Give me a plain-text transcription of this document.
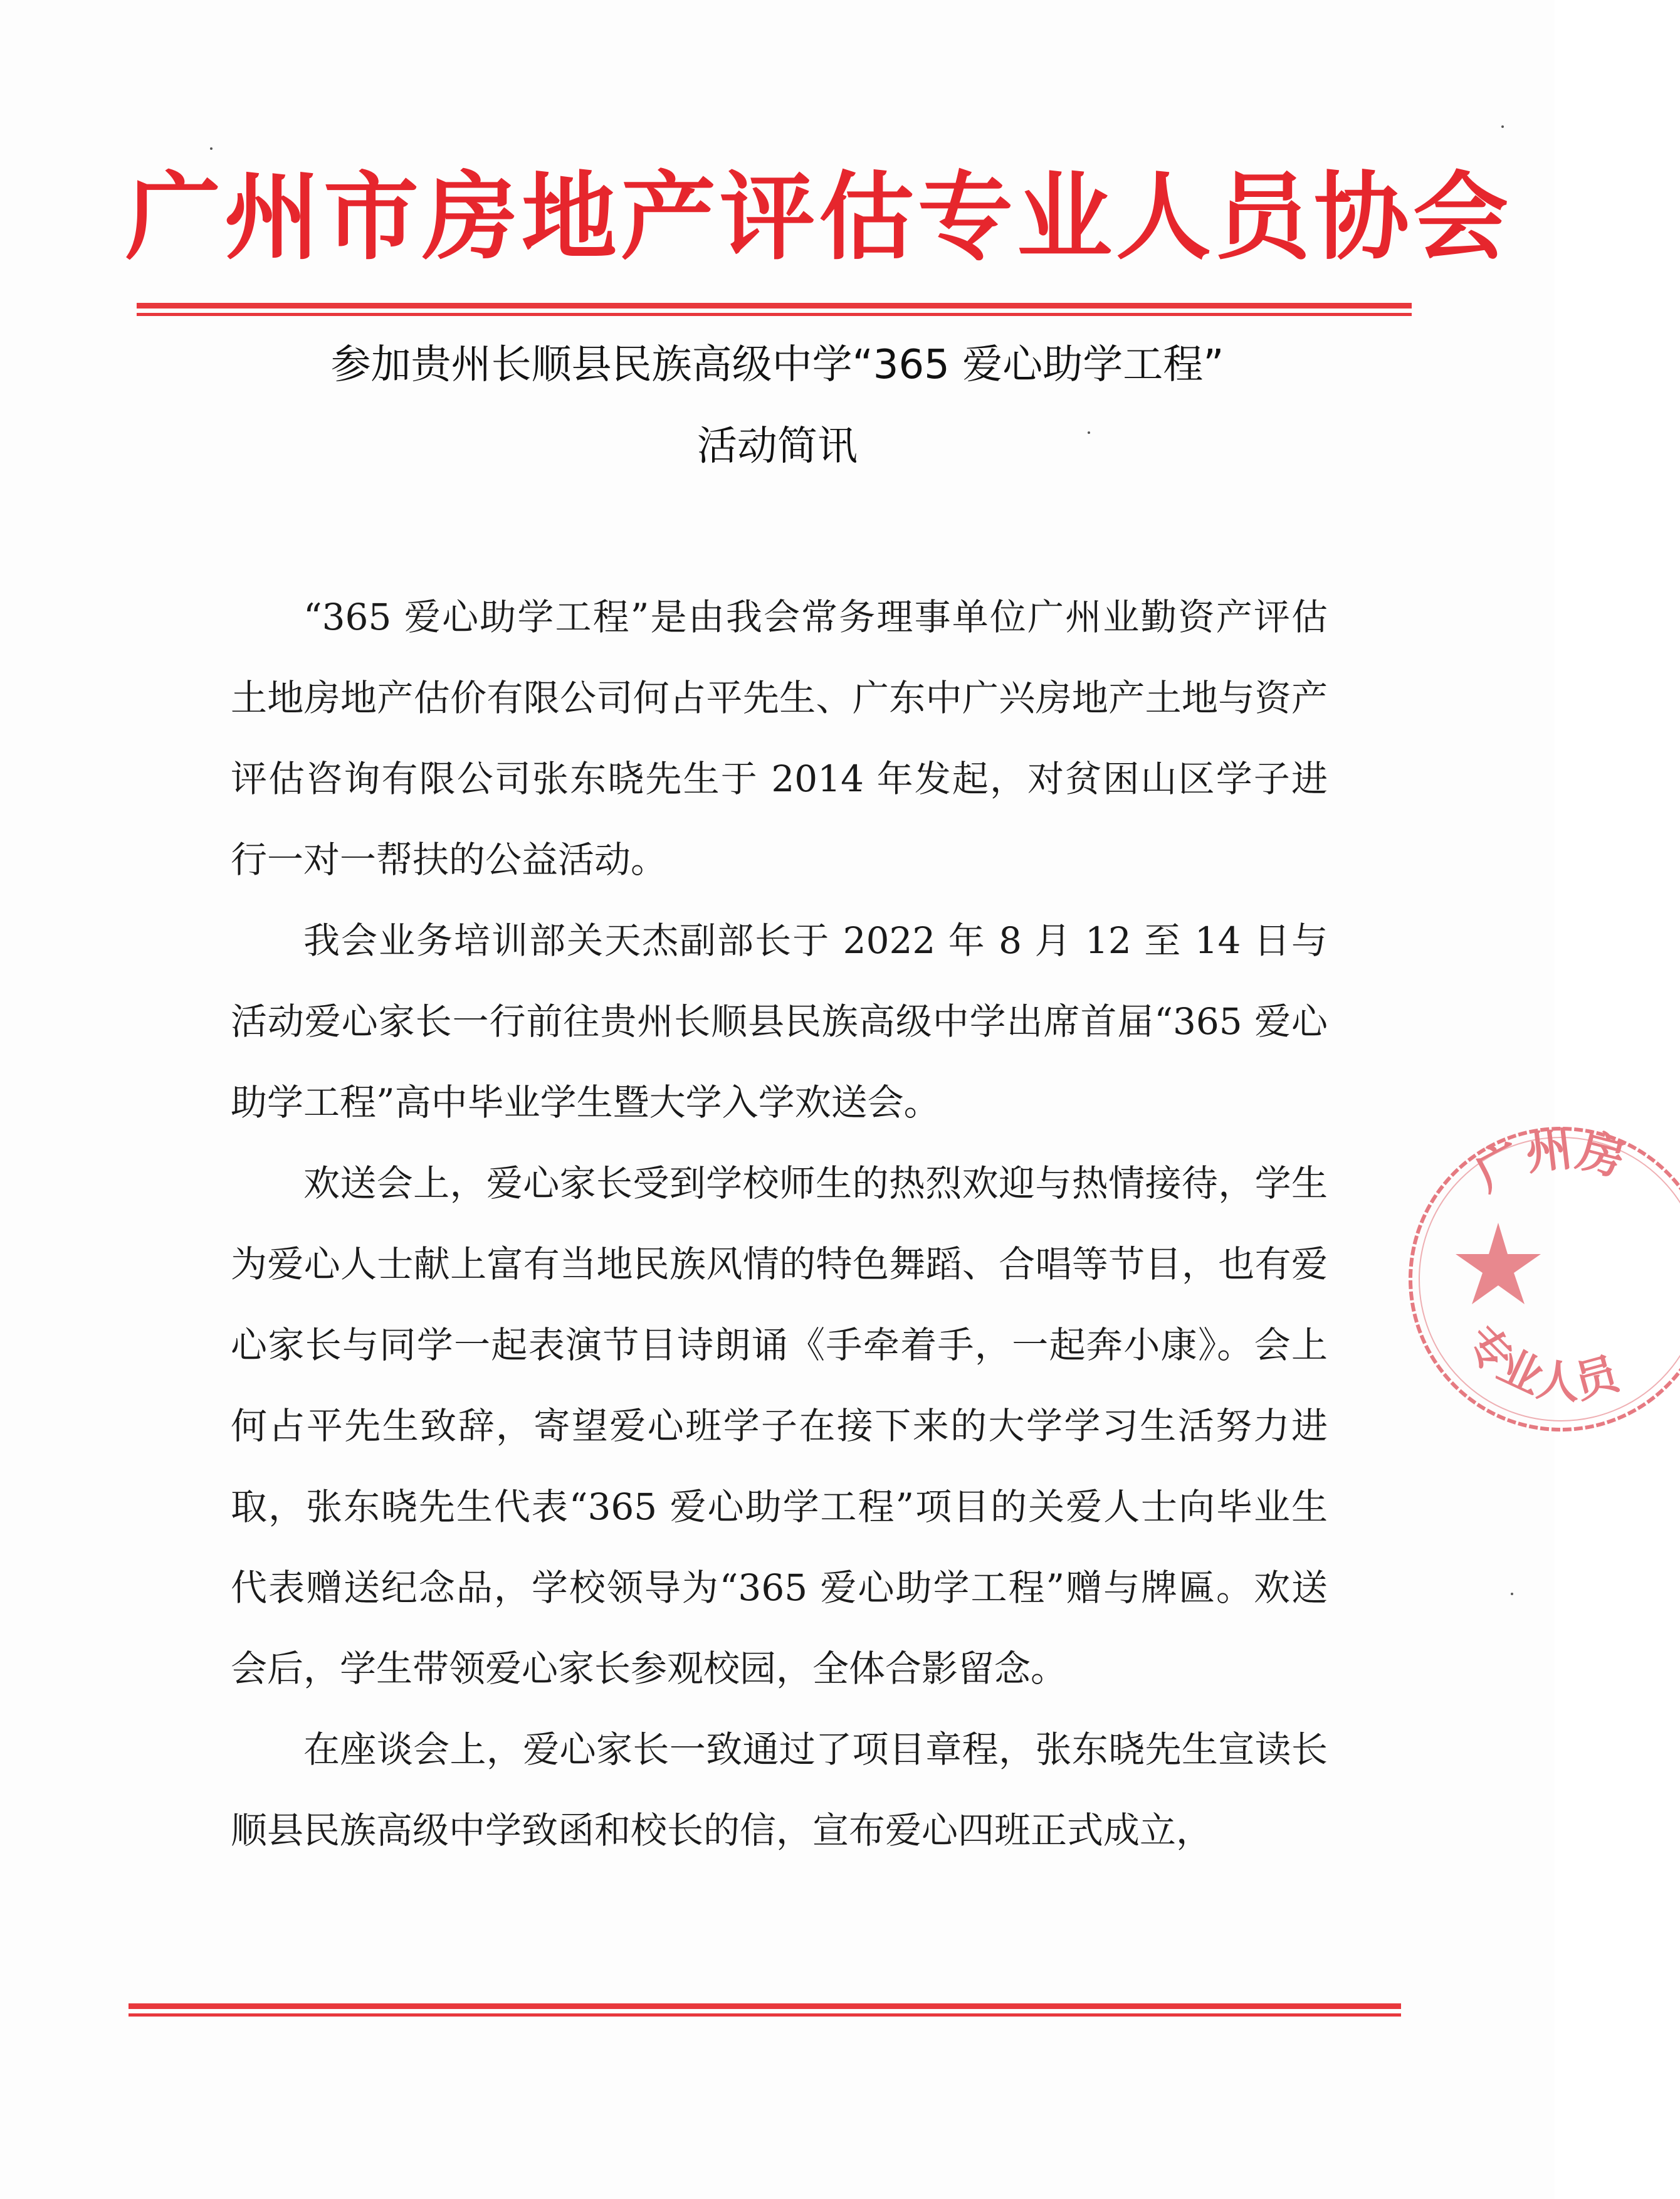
广州市房地产评估专业人员协会
参加贵州长顺县民族高级中学“365 爱心助学工程”
活动简讯

“365 爱心助学工程”是由我会常务理事单位广州业勤资产评估土地房地产估价有限公司何占平先生、广东中广兴房地产土地与资产评估咨询有限公司张东晓先生于 2014 年发起，对贫困山区学子进行一对一帮扶的公益活动。

我会业务培训部关天杰副部长于 2022 年 8 月 12 至 14 日与活动爱心家长一行前往贵州长顺县民族高级中学出席首届“365 爱心助学工程”高中毕业学生暨大学入学欢送会。

欢送会上，爱心家长受到学校师生的热烈欢迎与热情接待，学生为爱心人士献上富有当地民族风情的特色舞蹈、合唱等节目，也有爱心家长与同学一起表演节目诗朗诵《手牵着手，一起奔小康》。会上何占平先生致辞，寄望爱心班学子在接下来的大学学习生活努力进取，张东晓先生代表“365 爱心助学工程”项目的关爱人士向毕业生代表赠送纪念品，学校领导为“365 爱心助学工程”赠与牌匾。欢送会后，学生带领爱心家长参观校园，全体合影留念。

在座谈会上，爱心家长一致通过了项目章程，张东晓先生宣读长顺县民族高级中学致函和校长的信，宣布爱心四班正式成立，

广州房
专业人员
